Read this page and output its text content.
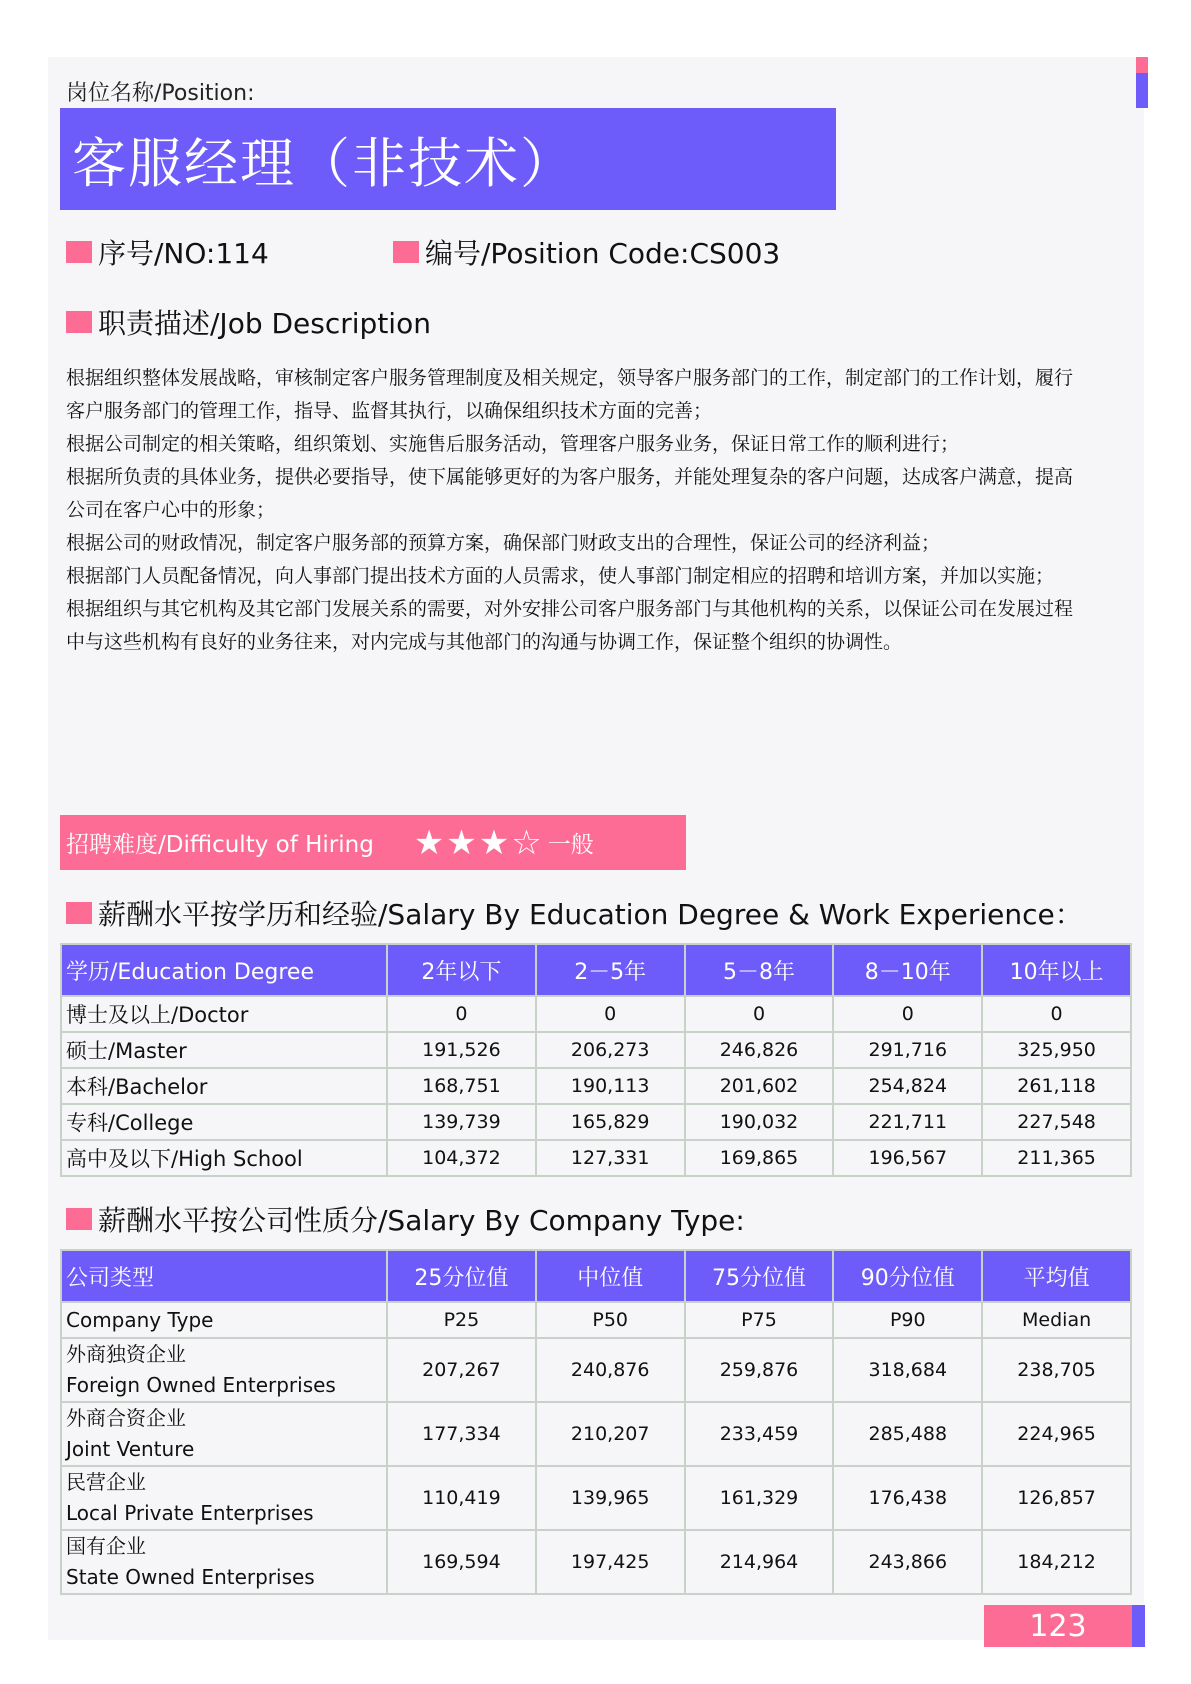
岗位名称/Position:
客服经理（非技术）
序号/NO:114	编号/Position Code:CS003
职责描述/Job Description

根据组织整体发展战略，审核制定客户服务管理制度及相关规定，领导客户服务部门的工作，制定部门的工作计划，履行

客户服务部门的管理工作，指导、监督其执行，以确保组织技术方面的完善；

根据公司制定的相关策略，组织策划、实施售后服务活动，管理客户服务业务，保证日常工作的顺利进行；

根据所负责的具体业务，提供必要指导，使下属能够更好的为客户服务，并能处理复杂的客户问题，达成客户满意，提高

公司在客户心中的形象；

根据公司的财政情况，制定客户服务部的预算方案，确保部门财政支出的合理性，保证公司的经济利益；

根据部门人员配备情况，向人事部门提出技术方面的人员需求，使人事部门制定相应的招聘和培训方案，并加以实施；

根据组织与其它机构及其它部门发展关系的需要，对外安排公司客户服务部门与其他机构的关系，以保证公司在发展过程

中与这些机构有良好的业务往来，对内完成与其他部门的沟通与协调工作，保证整个组织的协调性。

招聘难度/Difficulty of Hiring ★★★☆ 一般
薪酬水平按学历和经验/Salary By Education Degree & Work Experience：
学历/Education Degree	2年以下	2－5年	5－8年	8－10年	10年以上
博士及以上/Doctor	0	0	0	0	0
硕士/Master	191,526	206,273	246,826	291,716	325,950
本科/Bachelor	168,751	190,113	201,602	254,824	261,118
专科/College	139,739	165,829	190,032	221,711	227,548
高中及以下/High School	104,372	127,331	169,865	196,567	211,365
薪酬水平按公司性质分/Salary By Company Type:
公司类型	25分位值	中位值	75分位值	90分位值	平均值
Company Type	P25	P50	P75	P90	Median

外商独资企业
Foreign Owned Enterprises	207,267	240,876	259,876	318,684	238,705

外商合资企业
Joint Venture	177,334	210,207	233,459	285,488	224,965

民营企业
Local Private Enterprises	110,419	139,965	161,329	176,438	126,857

国有企业
State Owned Enterprises	169,594	197,425	214,964	243,866	184,212
123
